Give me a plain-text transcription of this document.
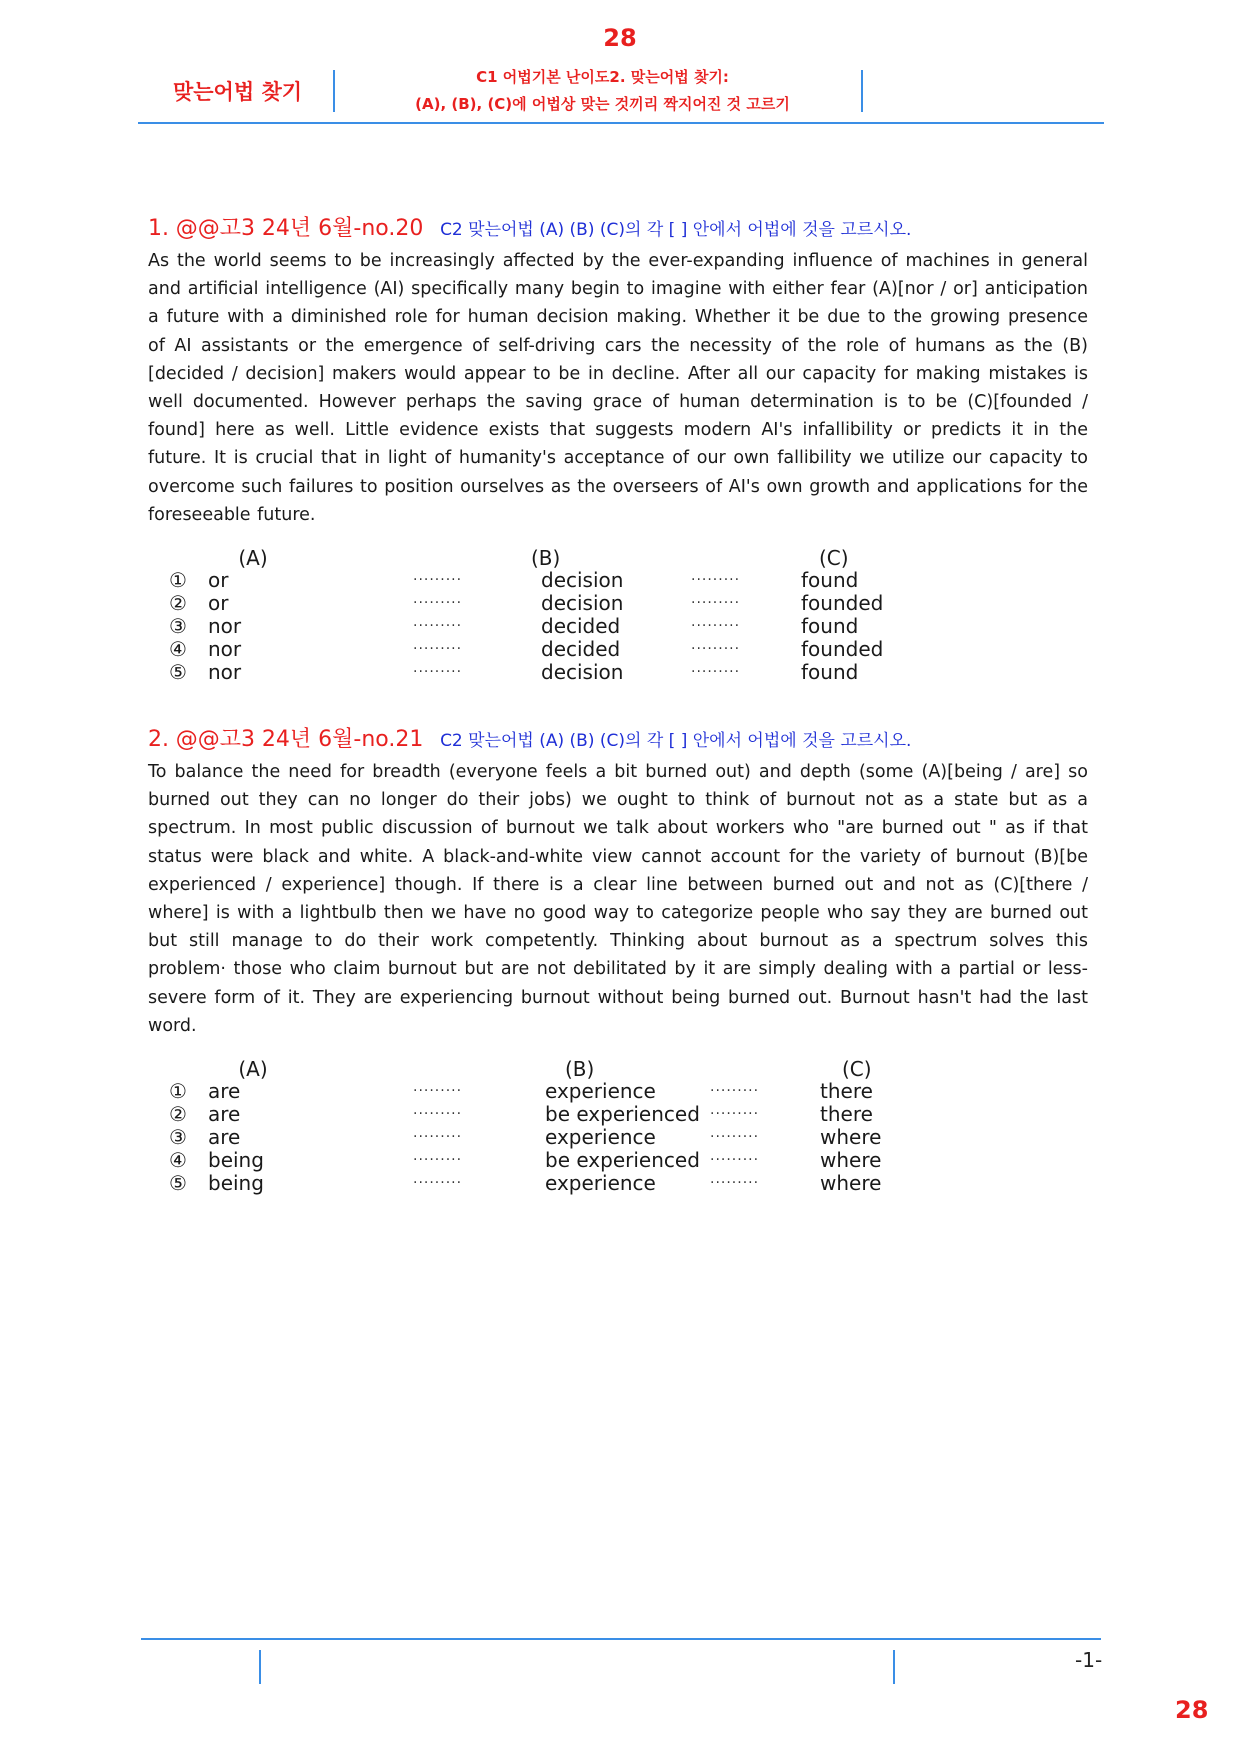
28
맞는어법 찾기
C1 어법기본 난이도2. 맞는어법 찾기:
(A), (B), (C)에 어법상 맞는 것끼리 짝지어진 것 고르기
1. @@고3 24년 6월-no.20 C2 맞는어법 (A) (B) (C)의 각 [ ] 안에서 어법에 것을 고르시오.
As the world seems to be increasingly affected by the ever-expanding influence of machines in general and artificial intelligence (AI) specifically many begin to imagine with either fear (A)[nor / or] anticipation a future with a diminished role for human decision making. Whether it be due to the growing presence of AI assistants or the emergence of self-driving cars the necessity of the role of humans as the (B)[decided / decision] makers would appear to be in decline. After all our capacity for making mistakes is well documented. However perhaps the saving grace of human determination is to be (C)[founded / found] here as well. Little evidence exists that suggests modern AI's infallibility or predicts it in the future. It is crucial that in light of humanity's acceptance of our own fallibility we utilize our capacity to overcome such failures to position ourselves as the overseers of AI's own growth and applications for the foreseeable future.
	(A)				(B)		(C)
①	or		·········		decision	·········	found
②	or		·········		decision	·········	founded
③	nor		·········		decided	·········	found
④	nor		·········		decided	·········	founded
⑤	nor		·········		decision	·········	found
2. @@고3 24년 6월-no.21 C2 맞는어법 (A) (B) (C)의 각 [ ] 안에서 어법에 것을 고르시오.
To balance the need for breadth (everyone feels a bit burned out) and depth (some (A)[being / are] so burned out they can no longer do their jobs) we ought to think of burnout not as a state but as a spectrum. In most public discussion of burnout we talk about workers who "are burned out " as if that status were black and white. A black-and-white view cannot account for the variety of burnout (B)[be experienced / experience] though. If there is a clear line between burned out and not as (C)[there / where] is with a lightbulb then we have no good way to categorize people who say they are burned out but still manage to do their work competently. Thinking about burnout as a spectrum solves this problem· those who claim burnout but are not debilitated by it are simply dealing with a partial or less-severe form of it. They are experiencing burnout without being burned out. Burnout hasn't had the last word.
	(A)				(B)		(C)
①	are		·········		experience	·········	there
②	are		·········		be experienced	·········	there
③	are		·········		experience	·········	where
④	being		·········		be experienced	·········	where
⑤	being		·········		experience	·········	where
-1-
28
